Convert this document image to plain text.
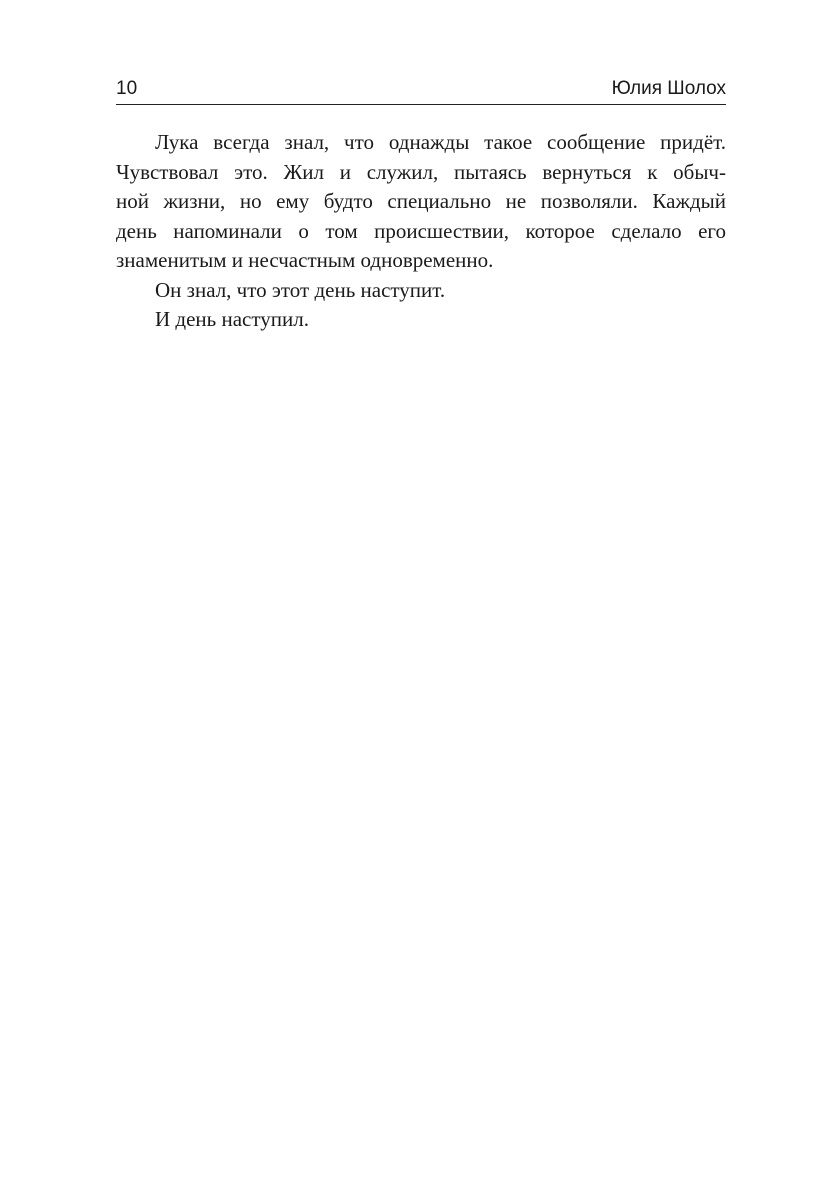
10	Юлия Шолох
Лука всегда знал, что однажды такое сообщение придёт.
Чувствовал это. Жил и служил, пытаясь вернуться к обыч-
ной жизни, но ему будто специально не позволяли. Каждый
день напоминали о том происшествии, которое сделало его
знаменитым и несчастным одновременно.
Он знал, что этот день наступит.
И день наступил.
